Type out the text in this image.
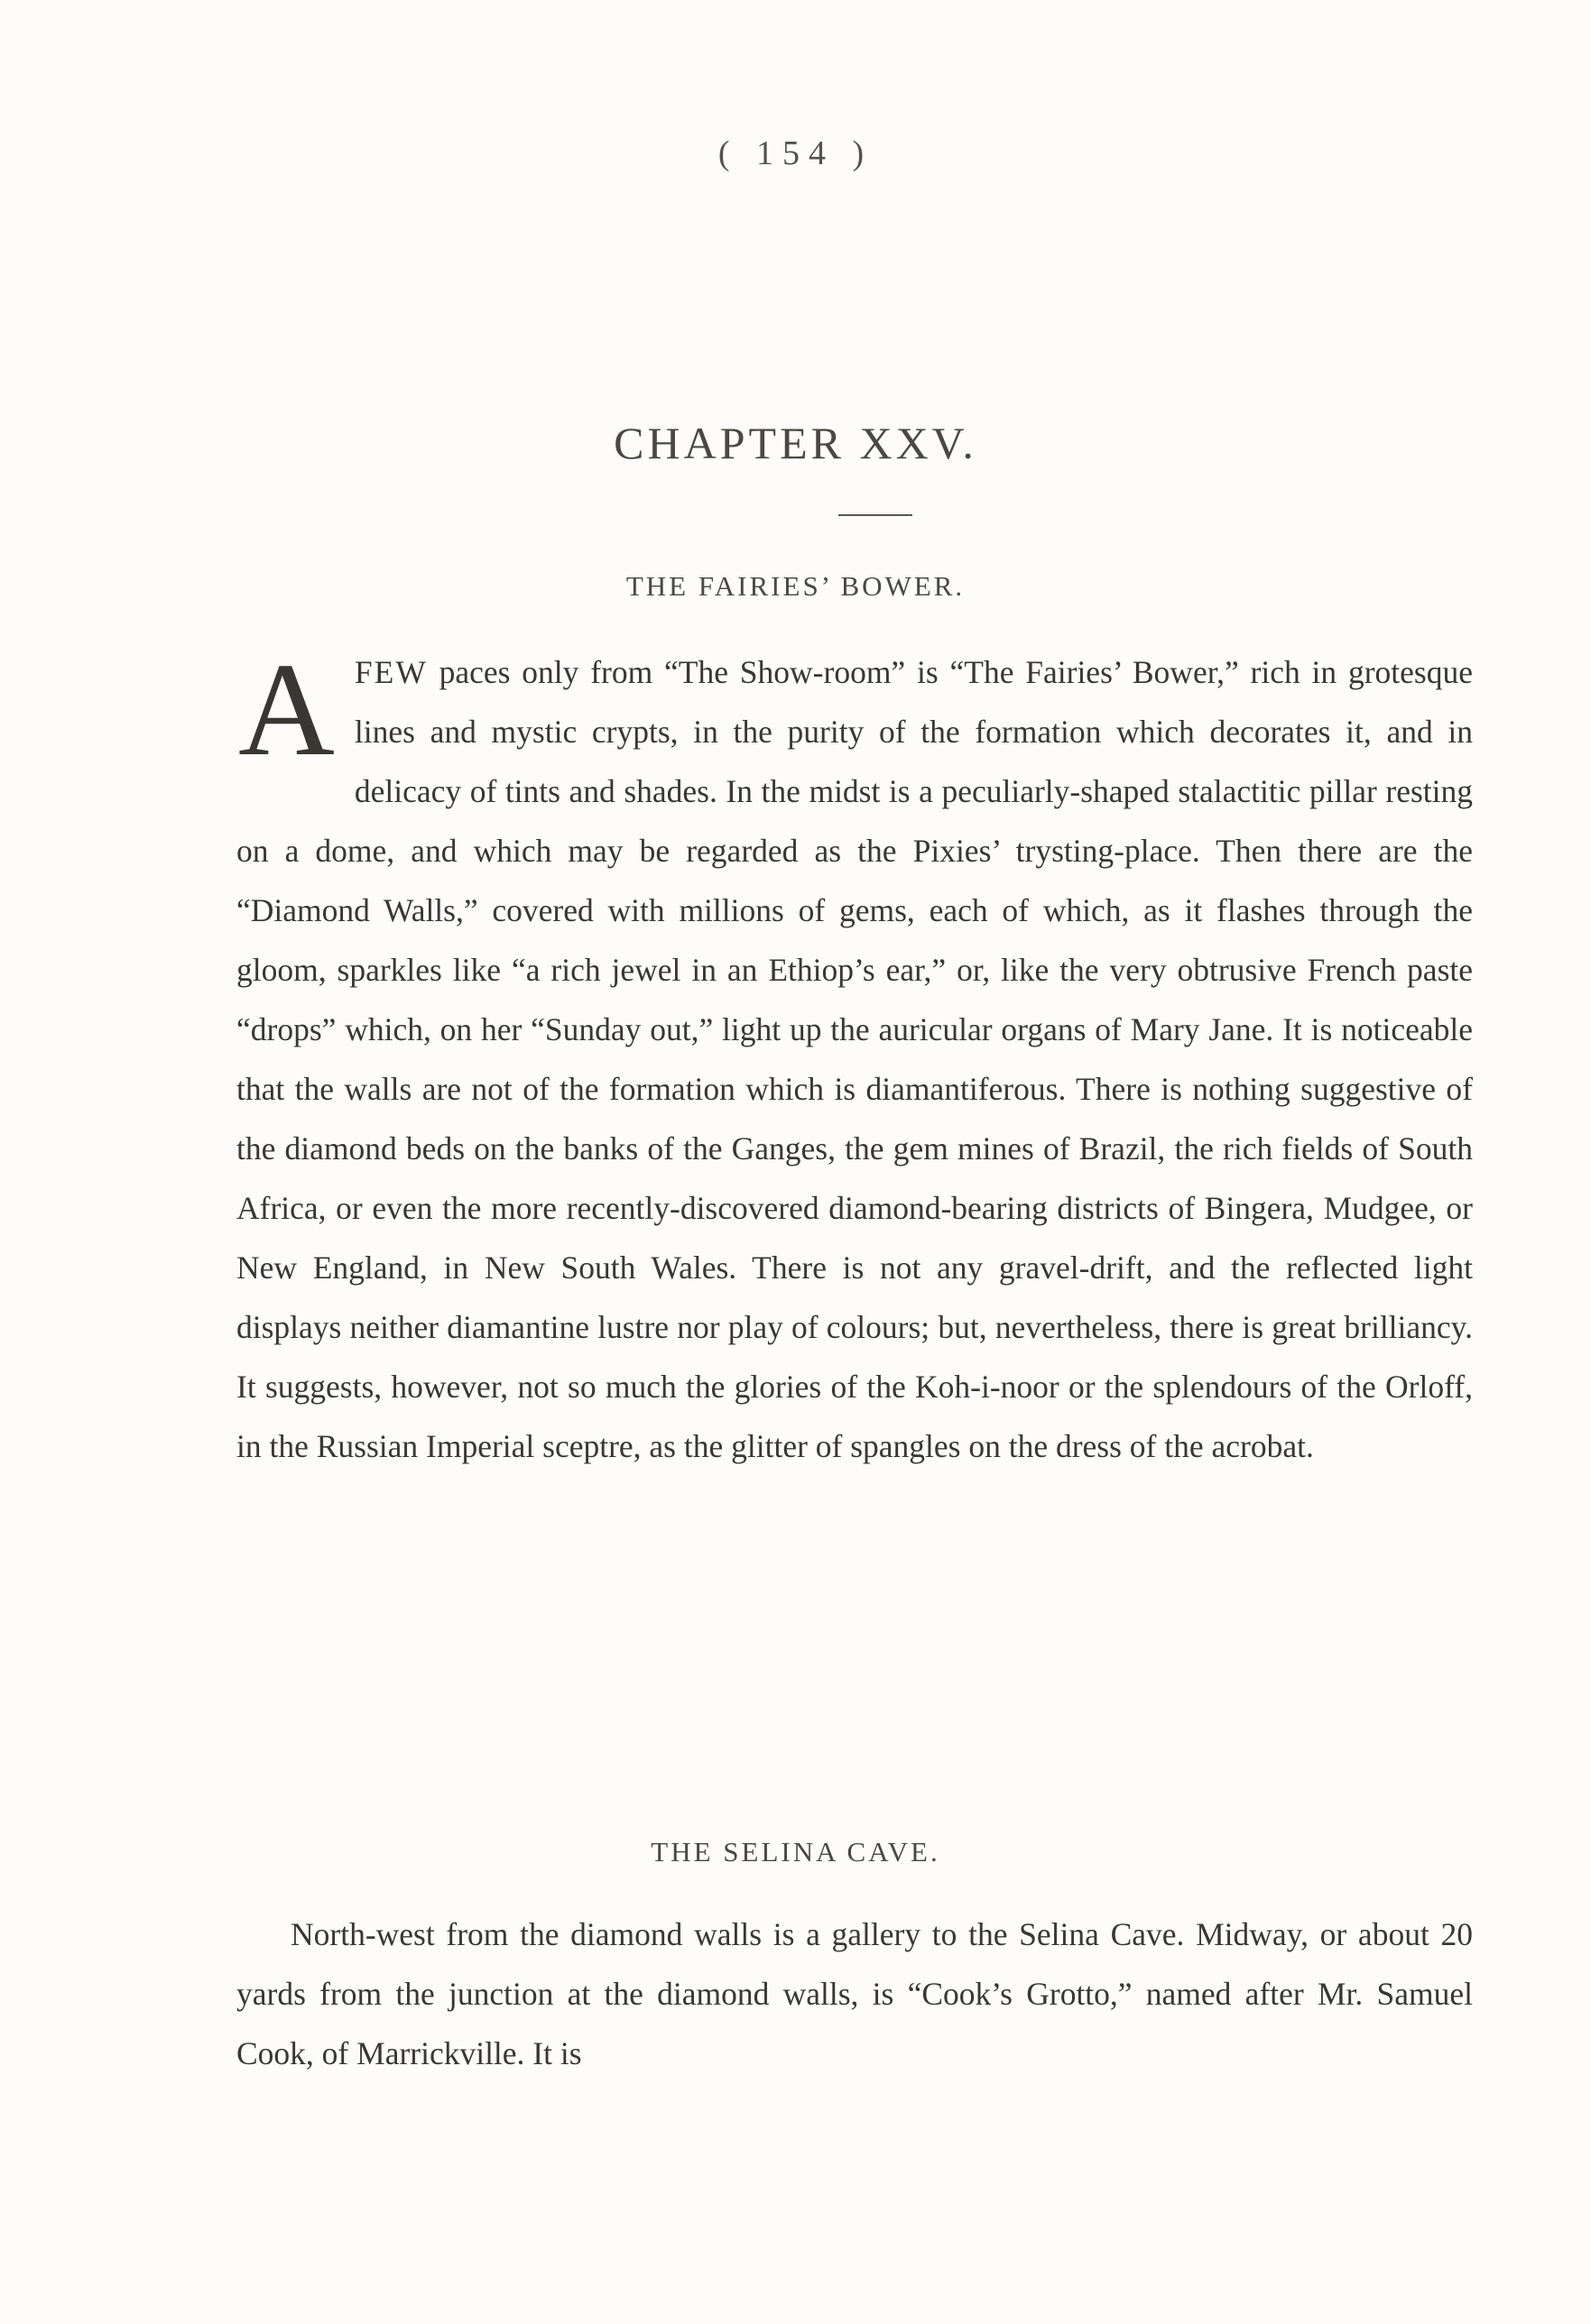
( 154 )
CHAPTER XXV.
THE FAIRIES’ BOWER.

AFEW paces only from “The Show-room” is “The Fairies’ Bower,” rich in grotesque lines and mystic crypts, in the purity of the formation which decorates it, and in delicacy of tints and shades. In the midst is a peculiarly-shaped stalactitic pillar resting on a dome, and which may be regarded as the Pixies’ trysting-place. Then there are the “Diamond Walls,” covered with millions of gems, each of which, as it flashes through the gloom, sparkles like “a rich jewel in an Ethiop’s ear,” or, like the very obtrusive French paste “drops” which, on her “Sunday out,” light up the auricular organs of Mary Jane. It is noticeable that the walls are not of the formation which is diamantiferous. There is nothing suggestive of the diamond beds on the banks of the Ganges, the gem mines of Brazil, the rich fields of South Africa, or even the more recently-discovered diamond-bearing districts of Bingera, Mudgee, or New England, in New South Wales. There is not any gravel-drift, and the reflected light displays neither diamantine lustre nor play of colours; but, nevertheless, there is great brilliancy. It suggests, however, not so much the glories of the Koh-i-noor or the splendours of the Orloff, in the Russian Imperial sceptre, as the glitter of spangles on the dress of the acrobat.

THE SELINA CAVE.

North-west from the diamond walls is a gallery to the Selina Cave. Midway, or about 20 yards from the junction at the diamond walls, is “Cook’s Grotto,” named after Mr. Samuel Cook, of Marrickville. It is
